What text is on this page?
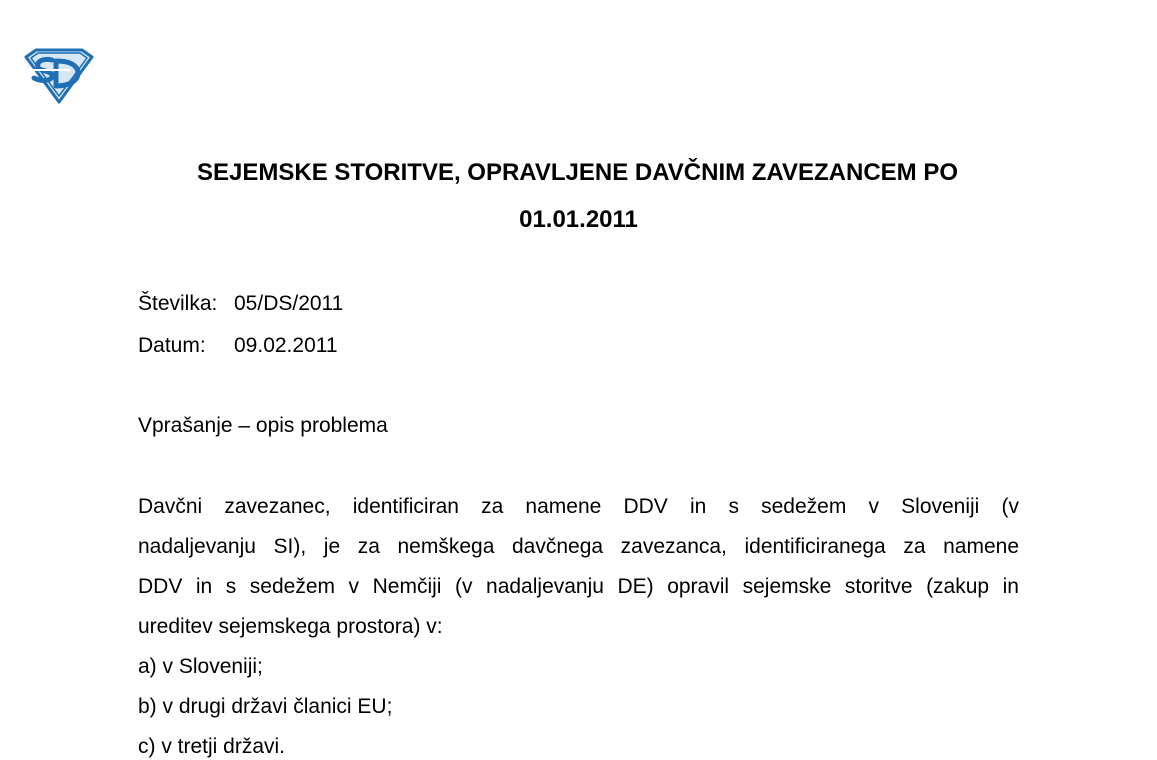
SEJEMSKE STORITVE, OPRAVLJENE DAVČNIM ZAVEZANCEM PO
01.01.2011
Številka: 05/DS/2011
Datum: 09.02.2011
Vprašanje – opis problema
Davčni zavezanec, identificiran za namene DDV in s sedežem v Sloveniji (v
nadaljevanju SI), je za nemškega davčnega zavezanca, identificiranega za namene
DDV in s sedežem v Nemčiji (v nadaljevanju DE) opravil sejemske storitve (zakup in
ureditev sejemskega prostora) v:
a) v Sloveniji;
b) v drugi državi članici EU;
c) v tretji državi.
